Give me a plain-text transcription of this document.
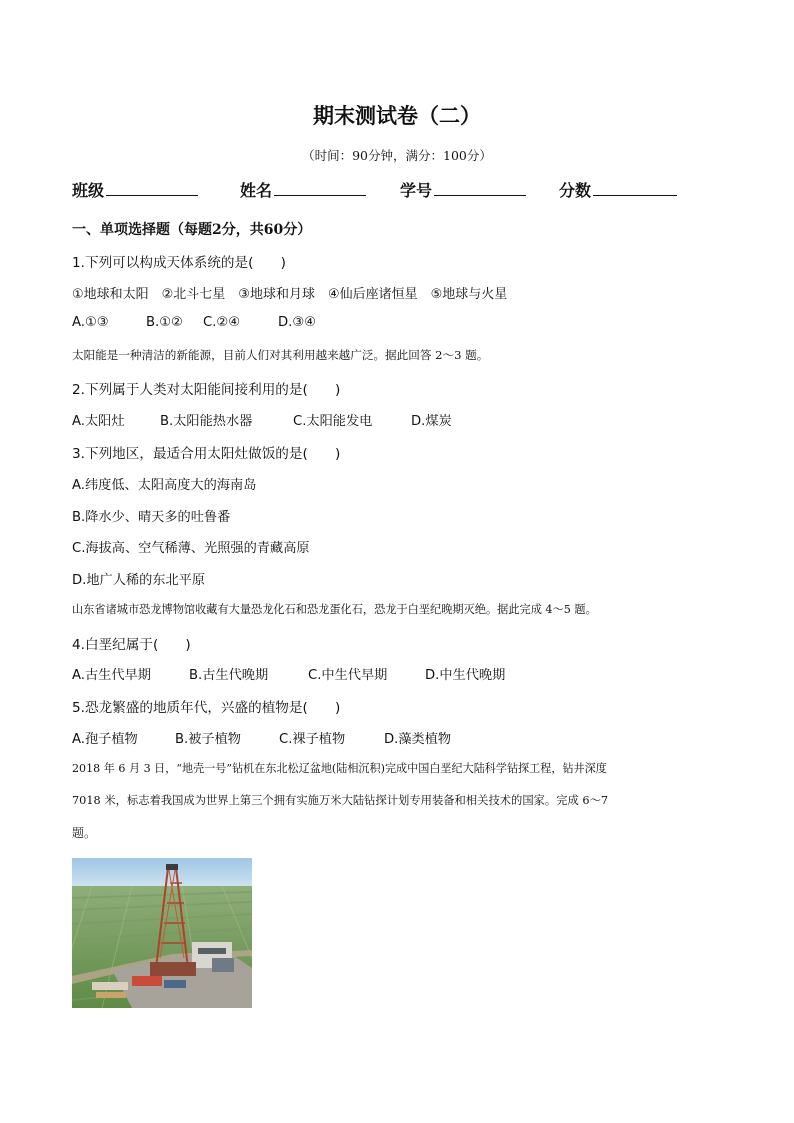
期末测试卷（二）
（时间：90分钟，满分：100分）
班级	姓名	学号	分数
一、单项选择题（每题2分，共60分）
1.下列可以构成天体系统的是(　　)
①地球和太阳　②北斗七星　③地球和月球　④仙后座诸恒星　⑤地球与火星
A.①③	B.①② C.②④	D.③④
太阳能是一种清洁的新能源，目前人们对其利用越来越广泛。据此回答 2～3 题。
2.下列属于人类对太阳能间接利用的是(　　)
A.太阳灶	B.太阳能热水器	C.太阳能发电	D.煤炭
3.下列地区，最适合用太阳灶做饭的是(　　)
A.纬度低、太阳高度大的海南岛
B.降水少、晴天多的吐鲁番
C.海拔高、空气稀薄、光照强的青藏高原
D.地广人稀的东北平原
山东省诸城市恐龙博物馆收藏有大量恐龙化石和恐龙蛋化石，恐龙于白垩纪晚期灭绝。据此完成 4～5 题。
4.白垩纪属于(　　)
A.古生代早期	B.古生代晚期	C.中生代早期	D.中生代晚期
5.恐龙繁盛的地质年代，兴盛的植物是(　　)
A.孢子植物	B.被子植物	C.裸子植物	D.藻类植物
2018 年 6 月 3 日，“地壳一号”钻机在东北松辽盆地(陆相沉积)完成中国白垩纪大陆科学钻探工程，钻井深度
7018 米，标志着我国成为世界上第三个拥有实施万米大陆钻探计划专用装备和相关技术的国家。完成 6～7
题。
